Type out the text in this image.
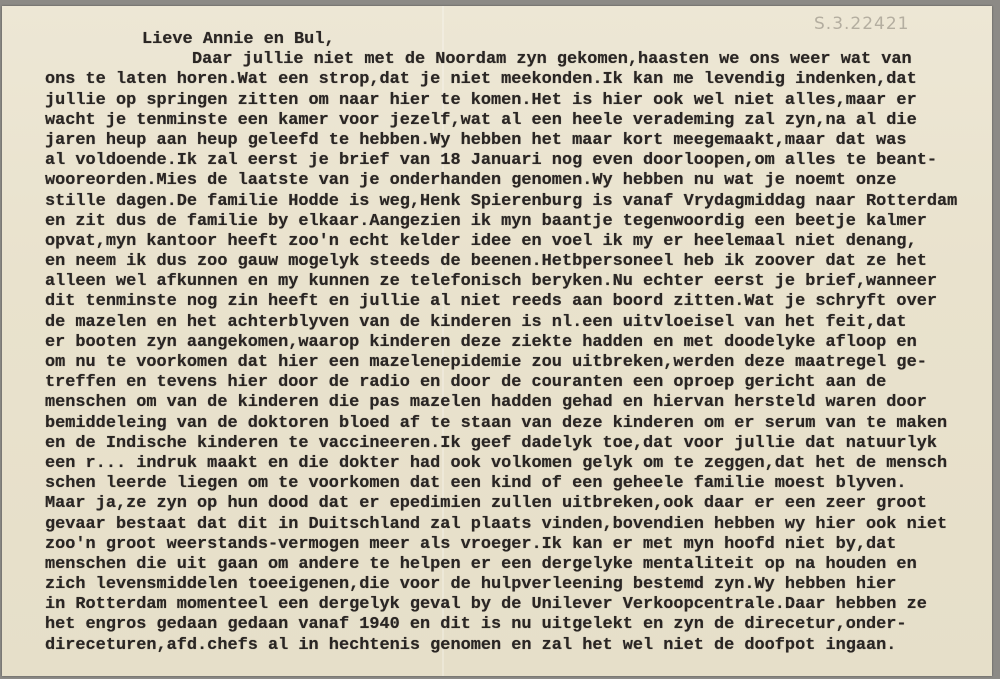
S.3.22421
Lieve Annie en Bul,
Daar jullie niet met de Noordam zyn gekomen,haasten we ons weer wat van
ons te laten horen.Wat een strop,dat je niet meekonden.Ik kan me levendig indenken,dat
jullie op springen zitten om naar hier te komen.Het is hier ook wel niet alles,maar er
wacht je tenminste een kamer voor jezelf,wat al een heele verademing zal zyn,na al die
jaren heup aan heup geleefd te hebben.Wy hebben het maar kort meegemaakt,maar dat was
al voldoende.Ik zal eerst je brief van 18 Januari nog even doorloopen,om alles te beant-
wooreorden.Mies de laatste van je onderhanden genomen.Wy hebben nu wat je noemt onze
stille dagen.De familie Hodde is weg,Henk Spierenburg is vanaf Vrydagmiddag naar Rotterdam
en zit dus de familie by elkaar.Aangezien ik myn baantje tegenwoordig een beetje kalmer
opvat,myn kantoor heeft zoo'n echt kelder idee en voel ik my er heelemaal niet denang,
en neem ik dus zoo gauw mogelyk steeds de beenen.Hetbpersoneel heb ik zoover dat ze het
alleen wel afkunnen en my kunnen ze telefonisch beryken.Nu echter eerst je brief,wanneer
dit tenminste nog zin heeft en jullie al niet reeds aan boord zitten.Wat je schryft over
de mazelen en het achterblyven van de kinderen is nl.een uitvloeisel van het feit,dat
er booten zyn aangekomen,waarop kinderen deze ziekte hadden en met doodelyke afloop en
om nu te voorkomen dat hier een mazelenepidemie zou uitbreken,werden deze maatregel ge-
treffen en tevens hier door de radio en door de couranten een oproep gericht aan de
menschen om van de kinderen die pas mazelen hadden gehad en hiervan hersteld waren door
bemiddeleing van de doktoren bloed af te staan van deze kinderen om er serum van te maken
en de Indische kinderen te vaccineeren.Ik geef dadelyk toe,dat voor jullie dat natuurlyk
een r... indruk maakt en die dokter had ook volkomen gelyk om te zeggen,dat het de mensch
schen leerde liegen om te voorkomen dat een kind of een geheele familie moest blyven.
Maar ja,ze zyn op hun dood dat er epedimien zullen uitbreken,ook daar er een zeer groot
gevaar bestaat dat dit in Duitschland zal plaats vinden,bovendien hebben wy hier ook niet
zoo'n groot weerstands-vermogen meer als vroeger.Ik kan er met myn hoofd niet by,dat
menschen die uit gaan om andere te helpen er een dergelyke mentaliteit op na houden en
zich levensmiddelen toeeigenen,die voor de hulpverleening bestemd zyn.Wy hebben hier
in Rotterdam momenteel een dergelyk geval by de Unilever Verkoopcentrale.Daar hebben ze
het engros gedaan gedaan vanaf 1940 en dit is nu uitgelekt en zyn de direcetur,onder-
direceturen,afd.chefs al in hechtenis genomen en zal het wel niet de doofpot ingaan.
